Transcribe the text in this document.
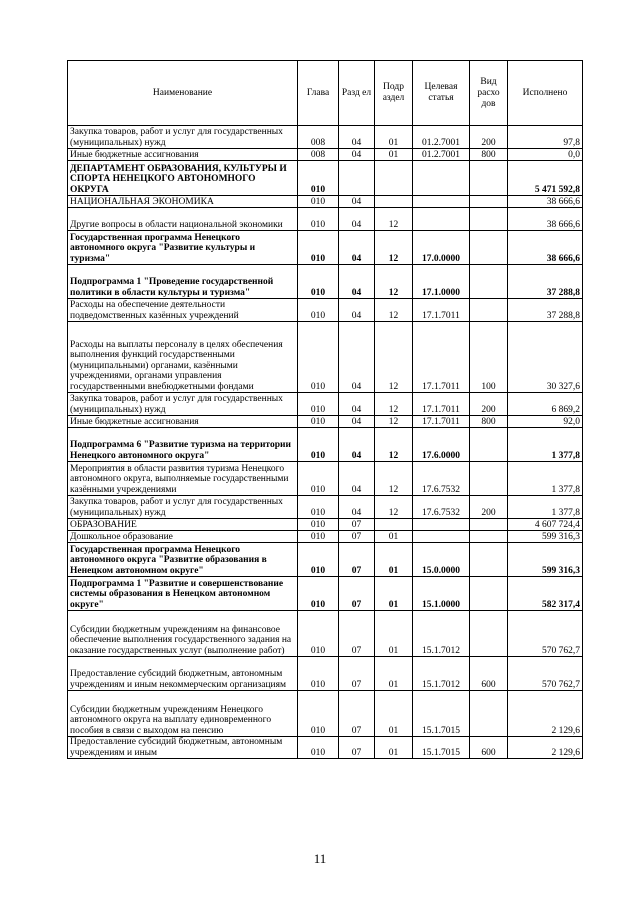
Наименование	Глава	Разд ел	Подр аздел	Целевая статья	Вид расхо дов	Исполнено
Закупка товаров, работ и услуг для государственных (муниципальных) нужд	008	04	01	01.2.7001	200	97,8
Иные бюджетные ассигнования	008	04	01	01.2.7001	800	0,0
ДЕПАРТАМЕНТ ОБРАЗОВАНИЯ, КУЛЬТУРЫ И СПОРТА НЕНЕЦКОГО АВТОНОМНОГО ОКРУГА	010					5 471 592,8
НАЦИОНАЛЬНАЯ ЭКОНОМИКА	010	04				38 666,6
Другие вопросы в области национальной экономики	010	04	12			38 666,6
Государственная программа Ненецкого автономного округа "Развитие культуры и туризма"	010	04	12	17.0.0000		38 666,6
Подпрограмма 1 "Проведение государственной политики в области культуры и туризма"	010	04	12	17.1.0000		37 288,8
Расходы на обеспечение деятельности подведомственных казённых учреждений	010	04	12	17.1.7011		37 288,8
Расходы на выплаты персоналу в целях обеспечения выполнения функций государственными (муниципальными) органами, казёнными учреждениями, органами управления государственными внебюджетными фондами	010	04	12	17.1.7011	100	30 327,6
Закупка товаров, работ и услуг для государственных (муниципальных) нужд	010	04	12	17.1.7011	200	6 869,2
Иные бюджетные ассигнования	010	04	12	17.1.7011	800	92,0
Подпрограмма 6 "Развитие туризма на территории Ненецкого автономного округа"	010	04	12	17.6.0000		1 377,8
Мероприятия в области развития туризма Ненецкого автономного округа, выполняемые государственными казёнными учреждениями	010	04	12	17.6.7532		1 377,8
Закупка товаров, работ и услуг для государственных (муниципальных) нужд	010	04	12	17.6.7532	200	1 377,8
ОБРАЗОВАНИЕ	010	07				4 607 724,4
Дошкольное образование	010	07	01			599 316,3
Государственная программа Ненецкого автономного округа "Развитие образования в Ненецком автономном округе"	010	07	01	15.0.0000		599 316,3
Подпрограмма 1 "Развитие и совершенствование системы образования в Ненецком автономном округе"	010	07	01	15.1.0000		582 317,4
Субсидии бюджетным учреждениям на финансовое обеспечение выполнения государственного задания на оказание государственных услуг (выполнение работ)	010	07	01	15.1.7012		570 762,7
Предоставление субсидий бюджетным, автономным учреждениям и иным некоммерческим организациям	010	07	01	15.1.7012	600	570 762,7
Субсидии бюджетным учреждениям Ненецкого автономного округа на выплату единовременного пособия в связи с выходом на пенсию	010	07	01	15.1.7015		2 129,6
Предоставление субсидий бюджетным, автономным учреждениям и иным	010	07	01	15.1.7015	600	2 129,6
11
